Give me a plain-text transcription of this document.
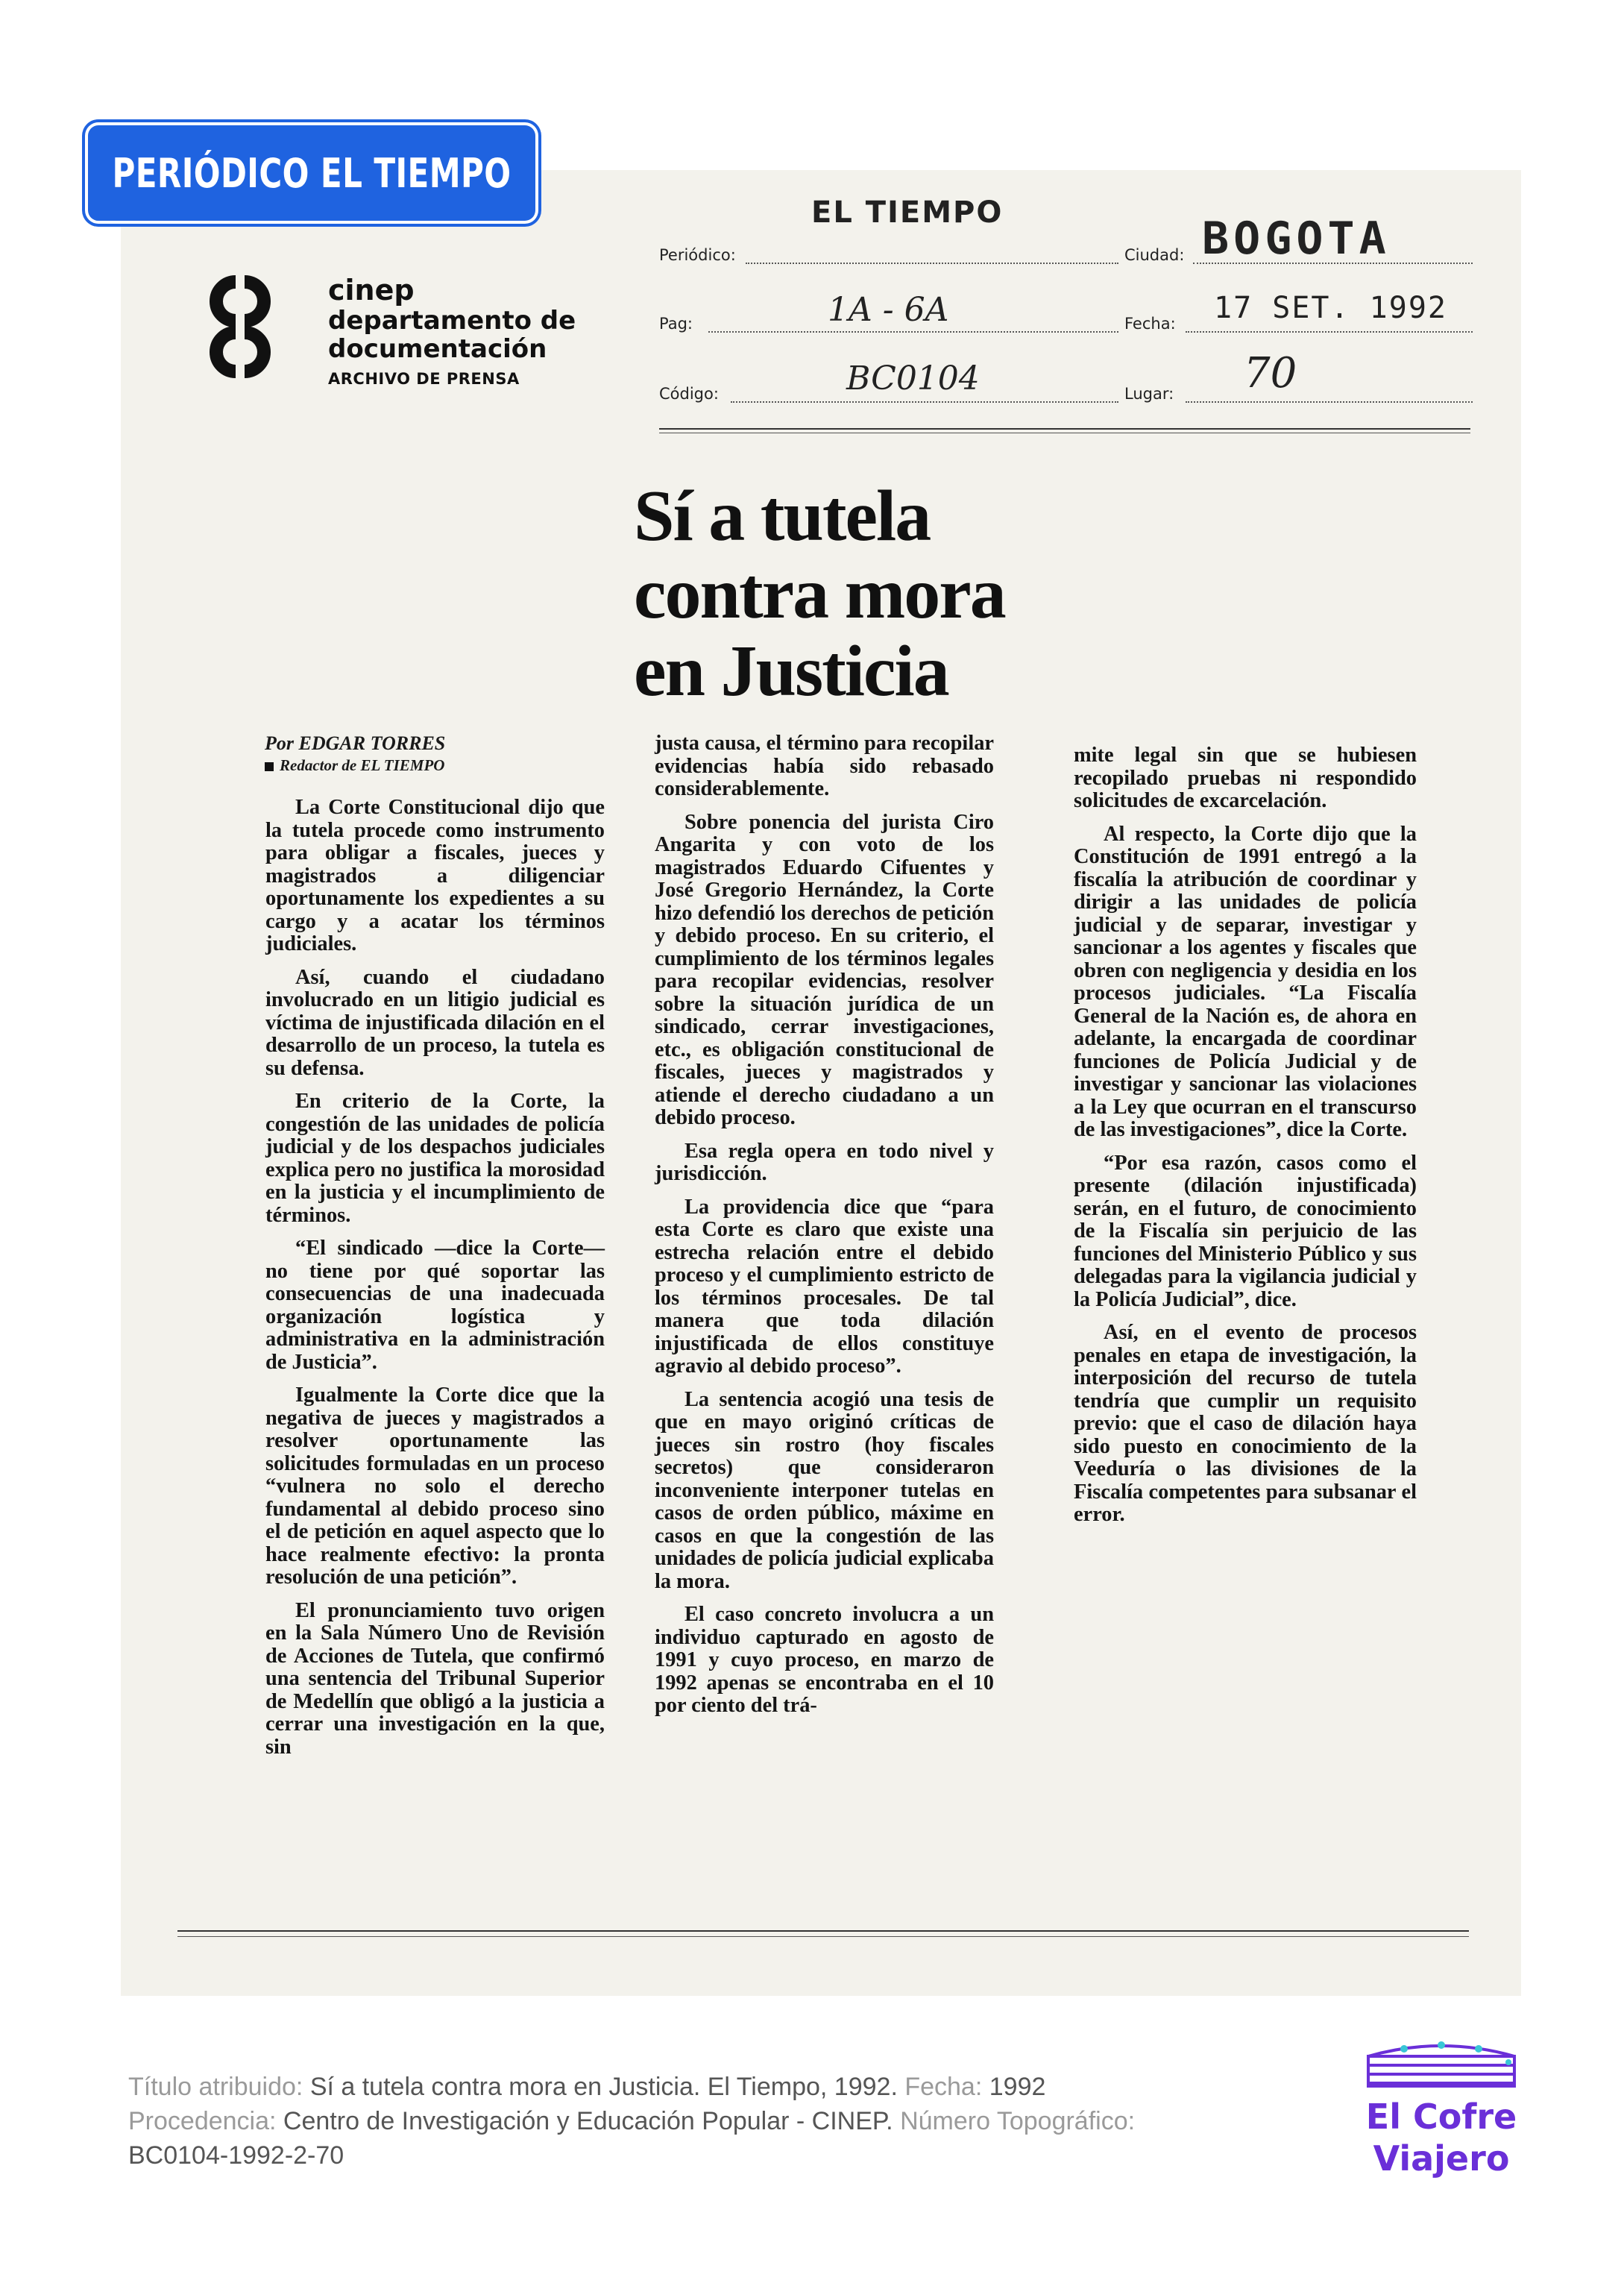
PERIÓDICO EL TIEMPO
cinep
departamento de
documentación
ARCHIVO DE PRENSA
EL TIEMPO
Periódico:	Ciudad: BOGOTA
Pag:	1A - 6A	Fecha: 17 SET. 1992
Código:	BC0104	Lugar: 70
Sí a tutela
contra mora
en Justicia
Por EDGAR TORRES
Redactor de EL TIEMPO

La Corte Constitucional dijo que la tutela procede como instrumento para obligar a fiscales, jueces y magistrados a diligenciar oportunamente los expedientes a su cargo y a acatar los términos judiciales.

Así, cuando el ciudadano involucrado en un litigio judicial es víctima de injustificada dilación en el desarrollo de un proceso, la tutela es su defensa.

En criterio de la Corte, la congestión de las unidades de policía judicial y de los despachos judiciales explica pero no justifica la morosidad en la justicia y el incumplimiento de términos.

“El sindicado —dice la Corte— no tiene por qué soportar las consecuencias de una inadecuada organización logística y administrativa en la administración de Justicia”.

Igualmente la Corte dice que la negativa de jueces y magistrados a resolver oportunamente las solicitudes formuladas en un proceso “vulnera no solo el derecho fundamental al debido proceso sino el de petición en aquel aspecto que lo hace realmente efectivo: la pronta resolución de una petición”.

El pronunciamiento tuvo origen en la Sala Número Uno de Revisión de Acciones de Tutela, que confirmó una sentencia del Tribunal Superior de Medellín que obligó a la justicia a cerrar una investigación en la que, sin

justa causa, el término para recopilar evidencias había sido rebasado considerablemente.

Sobre ponencia del jurista Ciro Angarita y con voto de los magistrados Eduardo Cifuentes y José Gregorio Hernández, la Corte hizo defendió los derechos de petición y debido proceso. En su criterio, el cumplimiento de los términos legales para recopilar evidencias, resolver sobre la situación jurídica de un sindicado, cerrar investigaciones, etc., es obligación constitucional de fiscales, jueces y magistrados y atiende el derecho ciudadano a un debido proceso.

Esa regla opera en todo nivel y jurisdicción.

La providencia dice que “para esta Corte es claro que existe una estrecha relación entre el debido proceso y el cumplimiento estricto de los términos procesales. De tal manera que toda dilación injustificada de ellos constituye agravio al debido proceso”.

La sentencia acogió una tesis de que en mayo originó críticas de jueces sin rostro (hoy fiscales secretos) que consideraron inconveniente interponer tutelas en casos de orden público, máxime en casos en que la congestión de las unidades de policía judicial explicaba la mora.

El caso concreto involucra a un individuo capturado en agosto de 1991 y cuyo proceso, en marzo de 1992 apenas se encontraba en el 10 por ciento del trá-

mite legal sin que se hubiesen recopilado pruebas ni respondido solicitudes de excarcelación.

Al respecto, la Corte dijo que la Constitución de 1991 entregó a la fiscalía la atribución de coordinar y dirigir a las unidades de policía judicial y de separar, investigar y sancionar a los agentes y fiscales que obren con negligencia y desidia en los procesos judiciales. “La Fiscalía General de la Nación es, de ahora en adelante, la encargada de coordinar funciones de Policía Judicial y de investigar y sancionar las violaciones a la Ley que ocurran en el transcurso de las investigaciones”, dice la Corte.

“Por esa razón, casos como el presente (dilación injustificada) serán, en el futuro, de conocimiento de la Fiscalía sin perjuicio de las funciones del Ministerio Público y sus delegadas para la vigilancia judicial y la Policía Judicial”, dice.

Así, en el evento de procesos penales en etapa de investigación, la interposición del recurso de tutela tendría que cumplir un requisito previo: que el caso de dilación haya sido puesto en conocimiento de la Veeduría o las divisiones de la Fiscalía competentes para subsanar el error.

Título atribuido: Sí a tutela contra mora en Justicia. El Tiempo, 1992. Fecha: 1992
Procedencia: Centro de Investigación y Educación Popular - CINEP. Número Topográfico:
BC0104-1992-2-70
El Cofre
Viajero
